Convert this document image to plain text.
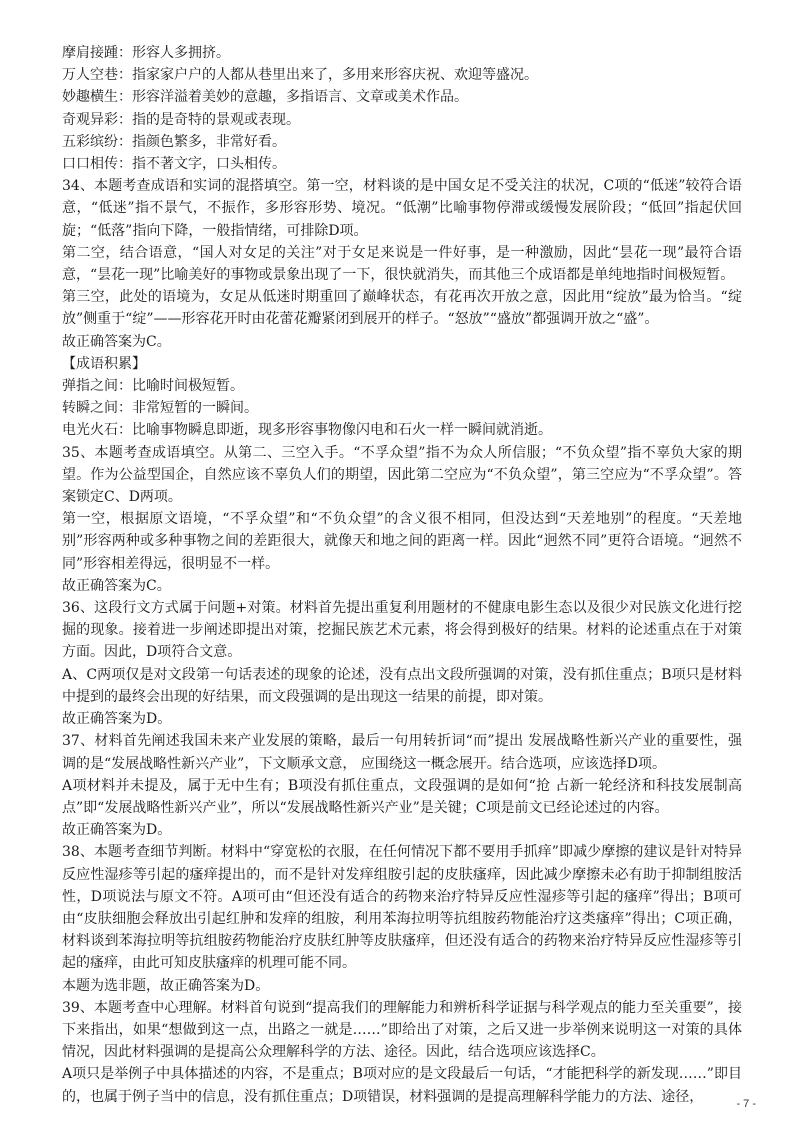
摩肩接踵：形容人多拥挤。

万人空巷：指家家户户的人都从巷里出来了，多用来形容庆祝、欢迎等盛况。

妙趣横生：形容洋溢着美妙的意趣，多指语言、文章或美术作品。

奇观异彩：指的是奇特的景观或表现。

五彩缤纷：指颜色繁多，非常好看。

口口相传：指不著文字，口头相传。

34、本题考查成语和实词的混搭填空。第一空，材料谈的是中国女足不受关注的状况，C项的“低迷”较符合语意，“低迷”指不景气，不振作，多形容形势、境况。“低潮”比喻事物停滞或缓慢发展阶段；“低回”指起伏回旋；“低落”指向下降，一般指情绪，可排除D项。

第二空，结合语意，“国人对女足的关注”对于女足来说是一件好事，是一种激励，因此“昙花一现”最符合语意，“昙花一现”比喻美好的事物或景象出现了一下，很快就消失，而其他三个成语都是单纯地指时间极短暂。

第三空，此处的语境为，女足从低迷时期重回了巅峰状态，有花再次开放之意，因此用“绽放”最为恰当。“绽放”侧重于“绽”——形容花开时由花蕾花瓣紧闭到展开的样子。“怒放”“盛放”都强调开放之“盛”。

故正确答案为C。

【成语积累】

弹指之间：比喻时间极短暂。

转瞬之间：非常短暂的一瞬间。

电光火石：比喻事物瞬息即逝，现多形容事物像闪电和石火一样一瞬间就消逝。

35、本题考查成语填空。从第二、三空入手。“不孚众望”指不为众人所信服；“不负众望”指不辜负大家的期望。作为公益型国企，自然应该不辜负人们的期望，因此第二空应为“不负众望”，第三空应为“不孚众望”。答案锁定C、D两项。

第一空，根据原文语境，“不孚众望”和“不负众望”的含义很不相同，但没达到“天差地别”的程度。“天差地别”形容两种或多种事物之间的差距很大，就像天和地之间的距离一样。因此“迥然不同”更符合语境。“迥然不同”形容相差得远，很明显不一样。

故正确答案为C。

36、这段行文方式属于问题+对策。材料首先提出重复利用题材的不健康电影生态以及很少对民族文化进行挖掘的现象。接着进一步阐述即提出对策，挖掘民族艺术元素，将会得到极好的结果。材料的论述重点在于对策方面。因此，D项符合文意。

A、C两项仅是对文段第一句话表述的现象的论述，没有点出文段所强调的对策，没有抓住重点；B项只是材料中提到的最终会出现的好结果，而文段强调的是出现这一结果的前提，即对策。

故正确答案为D。

37、材料首先阐述我国未来产业发展的策略，最后一句用转折词“而”提出 发展战略性新兴产业的重要性，强调的是“发展战略性新兴产业”，下文顺承文意， 应围绕这一概念展开。结合选项，应该选择D项。

A项材料并未提及，属于无中生有；B项没有抓住重点，文段强调的是如何“抢 占新一轮经济和科技发展制高点”即“发展战略性新兴产业”，所以“发展战略性新兴产业”是关键；C项是前文已经论述过的内容。

故正确答案为D。

38、本题考查细节判断。材料中“穿宽松的衣服，在任何情况下都不要用手抓痒”即减少摩擦的建议是针对特异反应性湿疹等引起的瘙痒提出的，而不是针对发痒组胺引起的皮肤瘙痒，因此减少摩擦未必有助于抑制组胺活性，D项说法与原文不符。A项可由“但还没有适合的药物来治疗特异反应性湿疹等引起的瘙痒”得出；B项可由“皮肤细胞会释放出引起红肿和发痒的组胺，利用苯海拉明等抗组胺药物能治疗这类瘙痒”得出；C项正确，材料谈到苯海拉明等抗组胺药物能治疗皮肤红肿等皮肤瘙痒，但还没有适合的药物来治疗特异反应性湿疹等引起的瘙痒，由此可知皮肤瘙痒的机理可能不同。

本题为选非题，故正确答案为D。

39、本题考查中心理解。材料首句说到“提高我们的理解能力和辨析科学证据与科学观点的能力至关重要”，接下来指出，如果“想做到这一点，出路之一就是……”即给出了对策，之后又进一步举例来说明这一对策的具体情况，因此材料强调的是提高公众理解科学的方法、途径。因此，结合选项应该选择C。

A项只是举例子中具体描述的内容，不是重点；B项对应的是文段最后一句话，“才能把科学的新发现……”即目的，也属于例子当中的信息，没有抓住重点；D项错误，材料强调的是提高理解科学能力的方法、途径，	- 7 -
